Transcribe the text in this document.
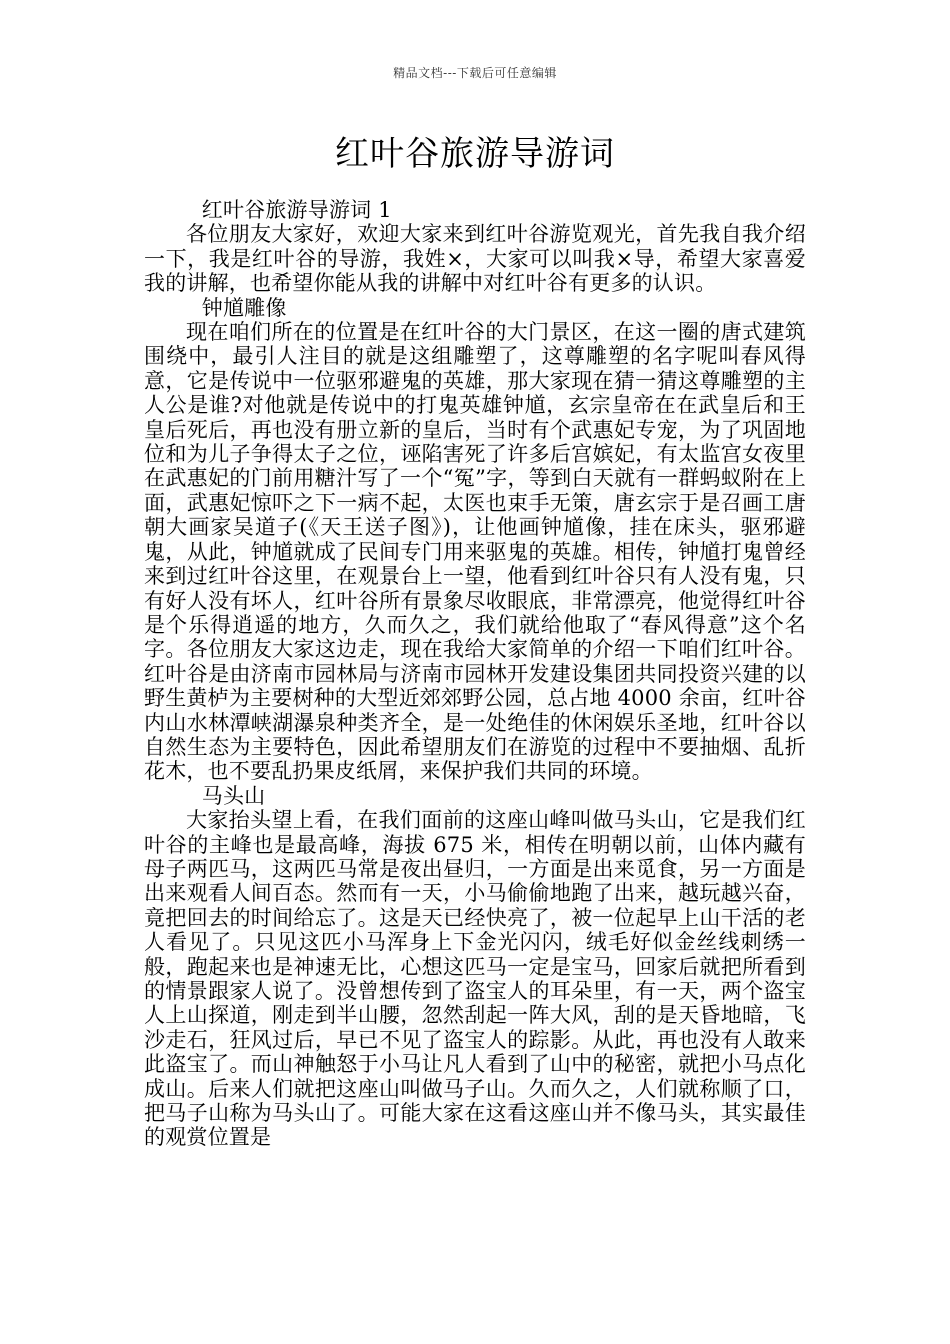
精品文档---下载后可任意编辑
红叶谷旅游导游词

红叶谷旅游导游词 1

各位朋友大家好，欢迎大家来到红叶谷游览观光，首先我自我介绍一下，我是红叶谷的导游，我姓×，大家可以叫我×导，希望大家喜爱我的讲解，也希望你能从我的讲解中对红叶谷有更多的认识。

钟馗雕像

现在咱们所在的位置是在红叶谷的大门景区，在这一圈的唐式建筑围绕中，最引人注目的就是这组雕塑了，这尊雕塑的名字呢叫春风得意，它是传说中一位驱邪避鬼的英雄，那大家现在猜一猜这尊雕塑的主人公是谁?对他就是传说中的打鬼英雄钟馗，玄宗皇帝在在武皇后和王皇后死后，再也没有册立新的皇后，当时有个武惠妃专宠，为了巩固地位和为儿子争得太子之位，诬陷害死了许多后宫嫔妃，有太监宫女夜里在武惠妃的门前用糖汁写了一个“冤”字，等到白天就有一群蚂蚁附在上面，武惠妃惊吓之下一病不起，太医也束手无策，唐玄宗于是召画工唐朝大画家吴道子(《天王送子图》)，让他画钟馗像，挂在床头，驱邪避鬼，从此，钟馗就成了民间专门用来驱鬼的英雄。相传，钟馗打鬼曾经来到过红叶谷这里，在观景台上一望，他看到红叶谷只有人没有鬼，只有好人没有坏人，红叶谷所有景象尽收眼底，非常漂亮，他觉得红叶谷是个乐得逍遥的地方，久而久之，我们就给他取了“春风得意”这个名字。各位朋友大家这边走，现在我给大家简单的介绍一下咱们红叶谷。红叶谷是由济南市园林局与济南市园林开发建设集团共同投资兴建的以野生黄栌为主要树种的大型近郊郊野公园，总占地 4000 余亩，红叶谷内山水林潭峡湖瀑泉种类齐全，是一处绝佳的休闲娱乐圣地，红叶谷以自然生态为主要特色，因此希望朋友们在游览的过程中不要抽烟、乱折花木，也不要乱扔果皮纸屑，来保护我们共同的环境。

马头山

大家抬头望上看，在我们面前的这座山峰叫做马头山，它是我们红叶谷的主峰也是最高峰，海拔 675 米，相传在明朝以前，山体内藏有母子两匹马，这两匹马常是夜出昼归，一方面是出来觅食，另一方面是出来观看人间百态。然而有一天，小马偷偷地跑了出来，越玩越兴奋，竟把回去的时间给忘了。这是天已经快亮了，被一位起早上山干活的老人看见了。只见这匹小马浑身上下金光闪闪，绒毛好似金丝线刺绣一般，跑起来也是神速无比，心想这匹马一定是宝马，回家后就把所看到的情景跟家人说了。没曾想传到了盗宝人的耳朵里，有一天，两个盗宝人上山探道，刚走到半山腰，忽然刮起一阵大风，刮的是天昏地暗，飞沙走石，狂风过后，早已不见了盗宝人的踪影。从此，再也没有人敢来此盗宝了。而山神触怒于小马让凡人看到了山中的秘密，就把小马点化成山。后来人们就把这座山叫做马子山。久而久之，人们就称顺了口，把马子山称为马头山了。可能大家在这看这座山并不像马头，其实最佳的观赏位置是
